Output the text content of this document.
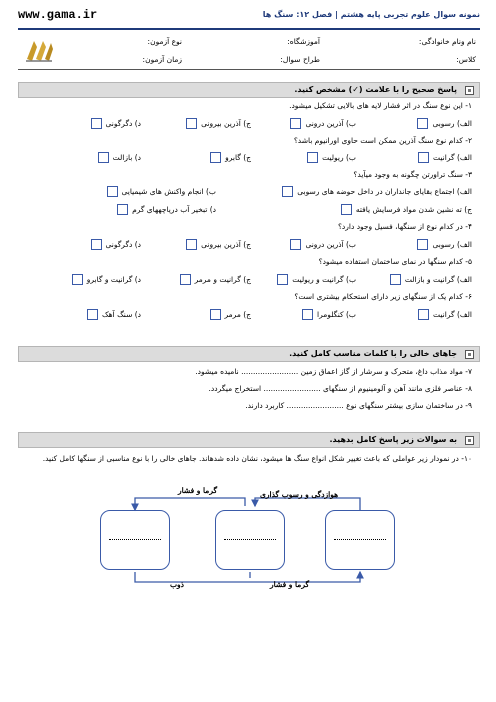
www.gama.ir	نمونه سوال علوم تجربی پایه هشتم | فصل ۱۲: سنگ ها
نام ونام خانوادگی:
آموزشگاه:
نوع آزمون:
کلاس:
طراح سوال:
زمان آزمون:
پاسخ صحیح را با علامت (✓) مشخص کنید.
۱- این نوع سنگ در اثر فشار لایه های بالایی تشکیل میشود.
الف) رسوبی
ب) آذرین درونی
ج) آذرین بیرونی
د) دگرگونی
۲- کدام نوع سنگ آذرین ممکن است حاوی اورانیوم باشد؟
الف) گرانیت
ب) ریولیت
ج) گابرو
د) بازالت
۳- سنگ تراورتن چگونه به وجود میآید؟
الف) اجتماع بقایای جانداران در داخل حوضه های رسوبی
ب) انجام واکنش های شیمیایی
ج) ته نشین شدن مواد فرسایش یافته
د) تبخیر آب دریاچههای گرم
۴- در کدام نوع از سنگها، فسیل وجود دارد؟
الف) رسوبی
ب) آذرین درونی
ج) آذرین بیرونی
د) دگرگونی
۵- کدام سنگها در نمای ساختمان استفاده میشود؟
الف) گرانیت و بازالت
ب) گرانیت و ریولیت
ج) گرانیت و مرمر
د) گرانیت و گابرو
۶- کدام یک از سنگهای زیر دارای استحکام بیشتری است؟
الف) گرانیت
ب) کنگلومرا
ج) مرمر
د) سنگ آهک
جاهای خالی را با کلمات مناسب کامل کنید.
۷- مواد مذاب داغ، متحرک و سرشار از گاز اعماق زمین ........................ نامیده میشود.
۸- عناصر فلزی مانند آهن و آلومینیوم از سنگهای ........................ استخراج میگردد.
۹- در ساختمان سازی بیشتر سنگهای نوع ........................ کاربرد دارند.
به سوالات زیر پاسخ کامل بدهید.
۱۰- در نمودار زیر عواملی که باعث تغییر شکل انواع سنگ ها میشود، نشان داده شدهاند. جاهای خالی را با نوع مناسبی از سنگها کامل کنید.
گرما و فشار	هوازدگی و رسوب گذاری
ذوب	گرما و فشار
